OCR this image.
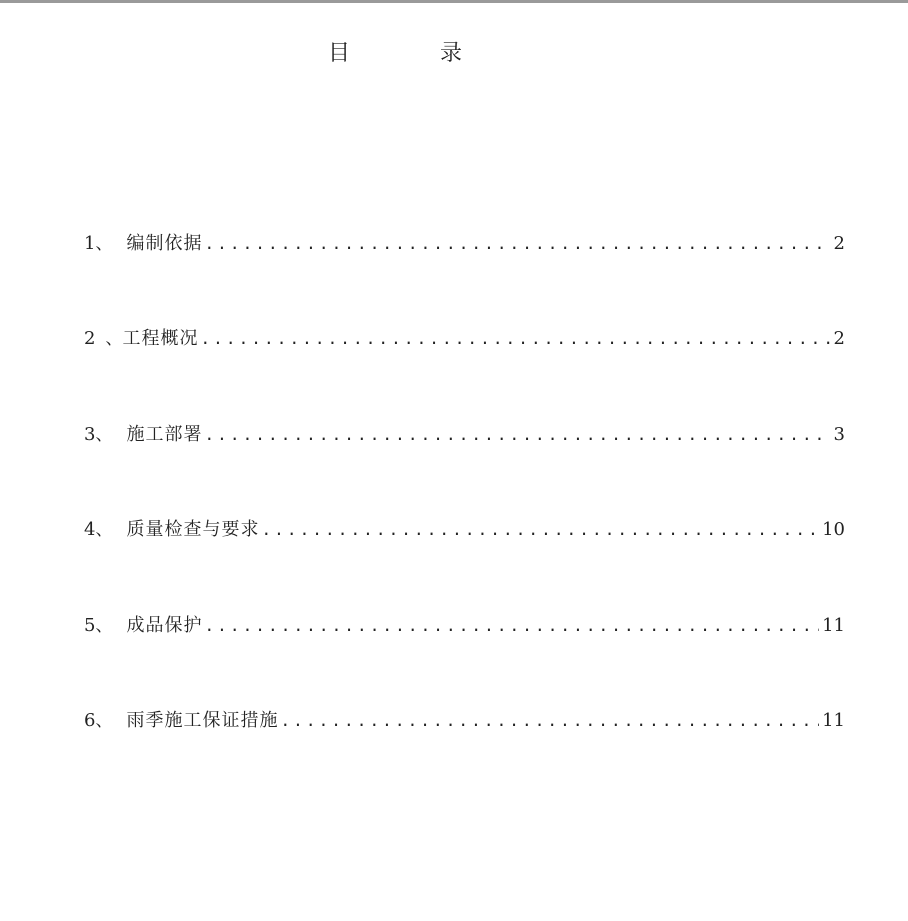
目　录
1 、 编制依据 .....	2
2 、 工程概况 .....	2
3 、 施工部署 .....	3
4 、 质量检查与要求 .....	10
5 、 成品保护 .....	11
6 、 雨季施工保证措施 .....	11
